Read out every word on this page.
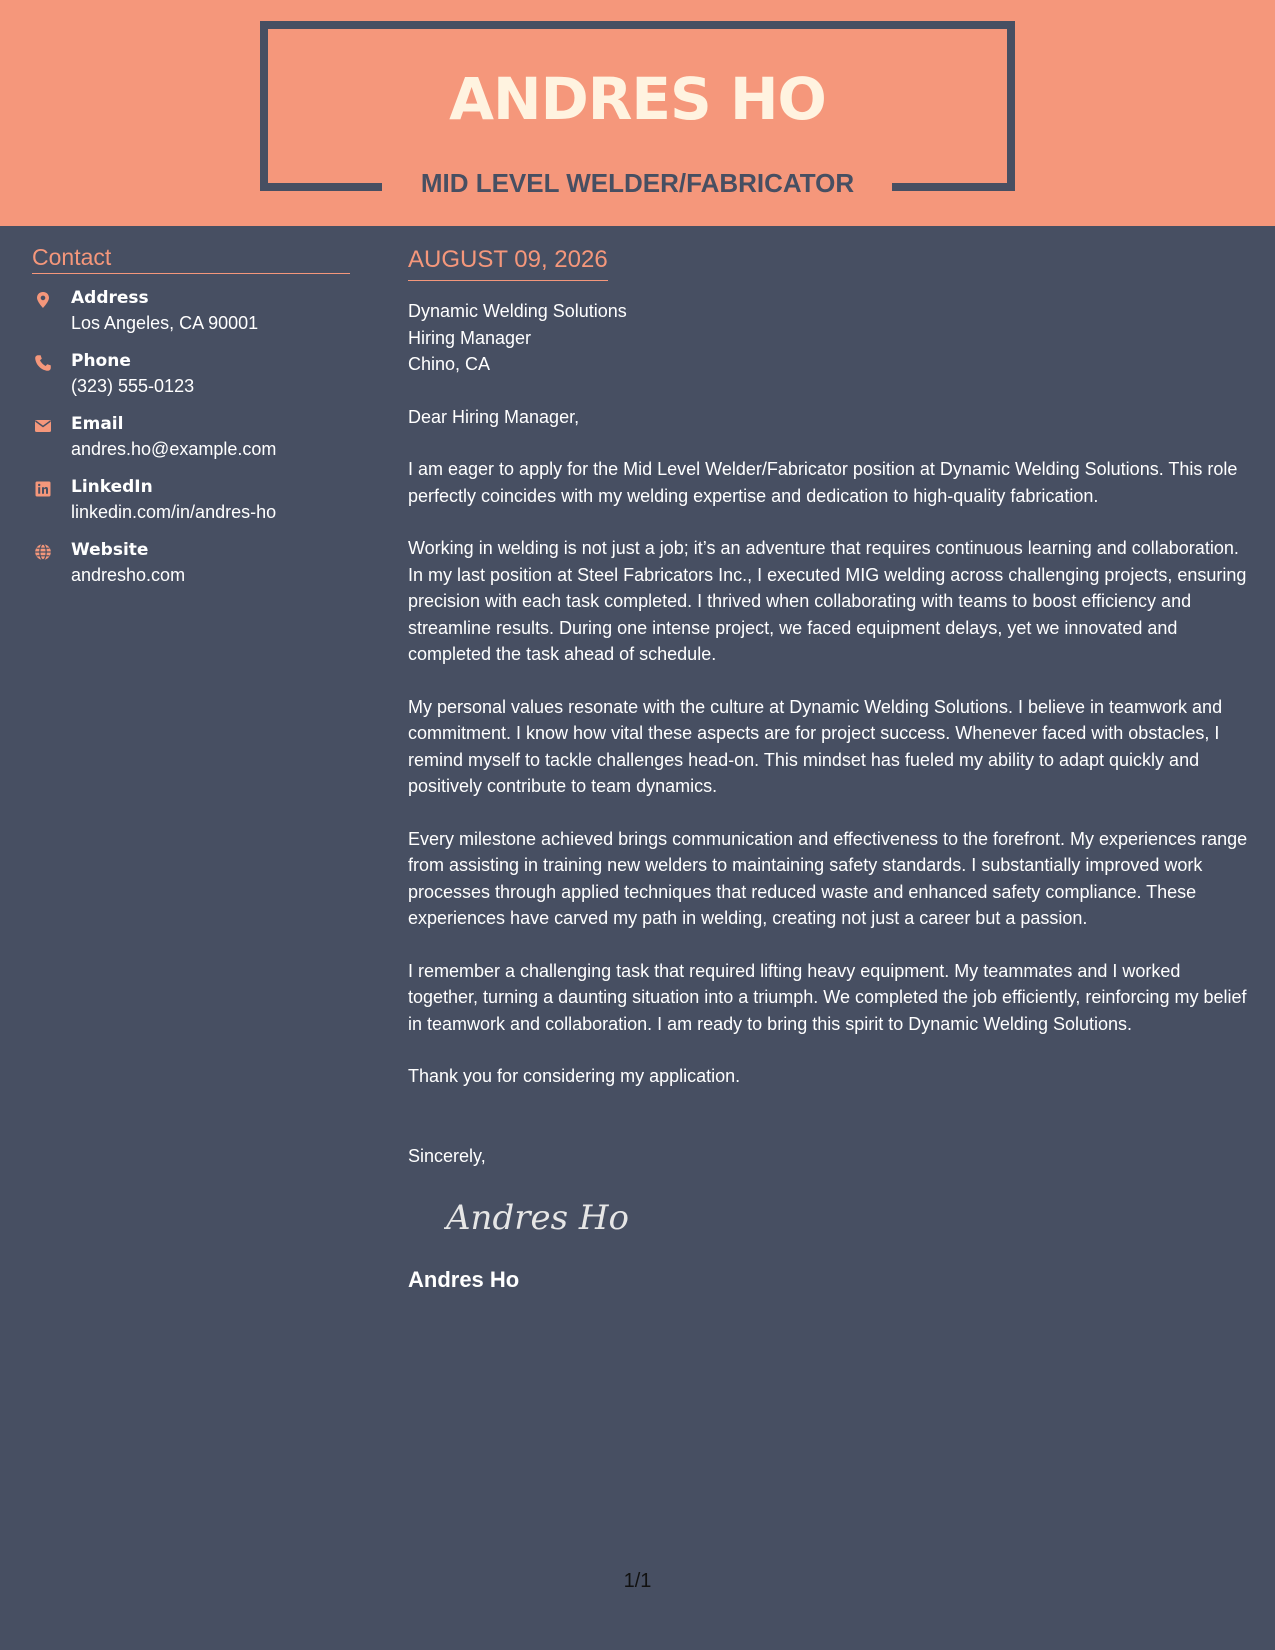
ANDRES HO
MID LEVEL WELDER/FABRICATOR
Contact
Address
Los Angeles, CA 90001
Phone
(323) 555-0123
Email
andres.ho@example.com
LinkedIn
linkedin.com/in/andres-ho
Website
andresho.com
AUGUST 09, 2026
Dynamic Welding Solutions
Hiring Manager
Chino, CA

Dear Hiring Manager,

I am eager to apply for the Mid Level Welder/Fabricator position at Dynamic Welding Solutions. This role perfectly coincides with my welding expertise and dedication to high-quality fabrication.

Working in welding is not just a job; it’s an adventure that requires continuous learning and collaboration. In my last position at Steel Fabricators Inc., I executed MIG welding across challenging projects, ensuring precision with each task completed. I thrived when collaborating with teams to boost efficiency and streamline results. During one intense project, we faced equipment delays, yet we innovated and completed the task ahead of schedule.

My personal values resonate with the culture at Dynamic Welding Solutions. I believe in teamwork and commitment. I know how vital these aspects are for project success. Whenever faced with obstacles, I remind myself to tackle challenges head-on. This mindset has fueled my ability to adapt quickly and positively contribute to team dynamics.

Every milestone achieved brings communication and effectiveness to the forefront. My experiences range from assisting in training new welders to maintaining safety standards. I substantially improved work processes through applied techniques that reduced waste and enhanced safety compliance. These experiences have carved my path in welding, creating not just a career but a passion.

I remember a challenging task that required lifting heavy equipment. My teammates and I worked together, turning a daunting situation into a triumph. We completed the job efficiently, reinforcing my belief in teamwork and collaboration. I am ready to bring this spirit to Dynamic Welding Solutions.

Thank you for considering my application.

Sincerely,
Andres Ho
Andres Ho
1/1
